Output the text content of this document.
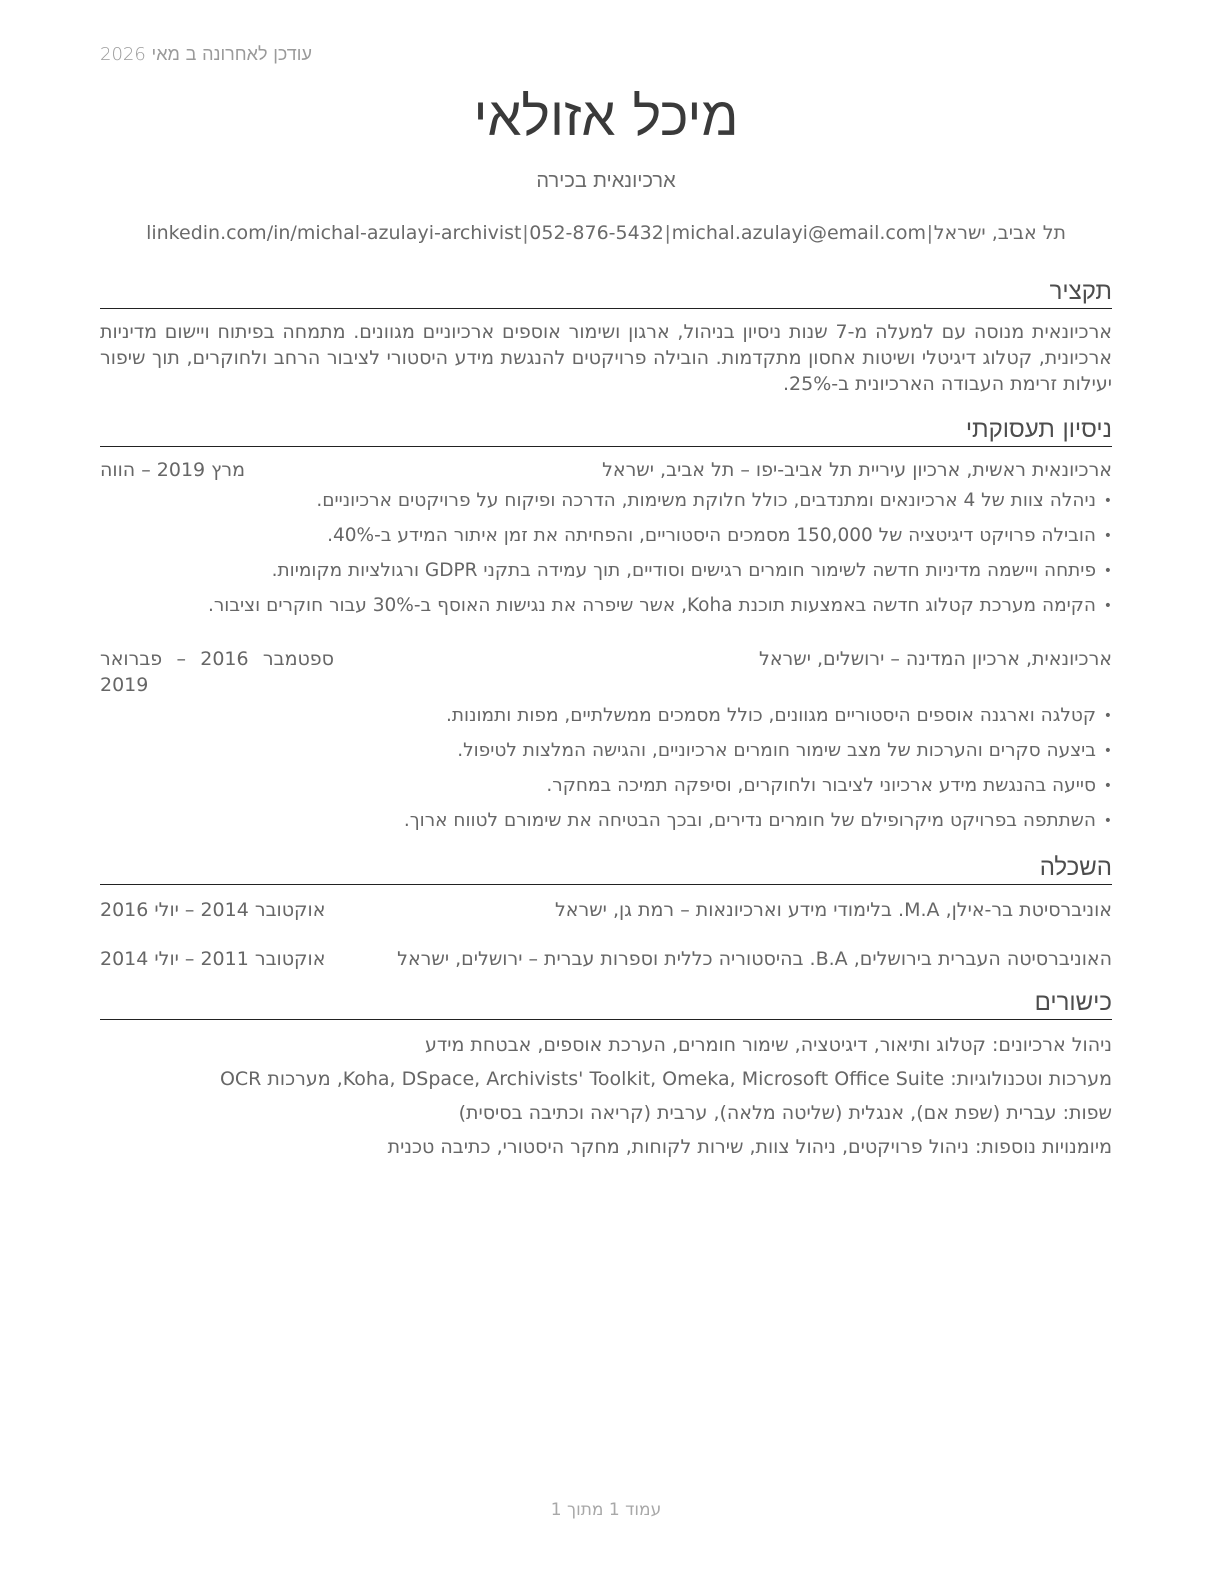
עודכן לאחרונה ב מאי 2026
מיכל אזולאי
ארכיונאית בכירה
תל אביב, ישראל
|
michal.azulayi@email.com
|
052-876-5432
|
linkedin.com/in/michal-azulayi-archivist
תקציר
ארכיונאית מנוסה עם למעלה מ-7 שנות ניסיון בניהול, ארגון ושימור אוספים ארכיוניים מגוונים. מתמחה בפיתוח ויישום מדיניות ארכיונית, קטלוג דיגיטלי ושיטות אחסון מתקדמות. הובילה פרויקטים להנגשת מידע היסטורי לציבור הרחב ולחוקרים, תוך שיפור יעילות זרימת העבודה הארכיונית ב-25%.
ניסיון תעסוקתי
ארכיונאית ראשית, ארכיון עיריית תל אביב-יפו – תל אביב, ישראל
מרץ 2019 – הווה
• ניהלה צוות של 4 ארכיונאים ומתנדבים, כולל חלוקת משימות, הדרכה ופיקוח על פרויקטים ארכיוניים.
• הובילה פרויקט דיגיטציה של 150,000 מסמכים היסטוריים, והפחיתה את זמן איתור המידע ב-40%.
• פיתחה ויישמה מדיניות חדשה לשימור חומרים רגישים וסודיים, תוך עמידה בתקני GDPR ורגולציות מקומיות.
• הקימה מערכת קטלוג חדשה באמצעות תוכנת Koha, אשר שיפרה את נגישות האוסף ב-30% עבור חוקרים וציבור.
ארכיונאית, ארכיון המדינה – ירושלים, ישראל
ספטמבר 2016 – פברואר 2019
• קטלגה וארגנה אוספים היסטוריים מגוונים, כולל מסמכים ממשלתיים, מפות ותמונות.
• ביצעה סקרים והערכות של מצב שימור חומרים ארכיוניים, והגישה המלצות לטיפול.
• סייעה בהנגשת מידע ארכיוני לציבור ולחוקרים, וסיפקה תמיכה במחקר.
• השתתפה בפרויקט מיקרופילם של חומרים נדירים, ובכך הבטיחה את שימורם לטווח ארוך.
השכלה
אוניברסיטת בר-אילן, M.A. בלימודי מידע וארכיונאות – רמת גן, ישראל
אוקטובר 2014 – יולי 2016
האוניברסיטה העברית בירושלים, B.A. בהיסטוריה כללית וספרות עברית – ירושלים, ישראל
אוקטובר 2011 – יולי 2014
כישורים
ניהול ארכיונים: קטלוג ותיאור, דיגיטציה, שימור חומרים, הערכת אוספים, אבטחת מידע
מערכות וטכנולוגיות: Koha, DSpace, Archivists' Toolkit, Omeka, Microsoft Office Suite, מערכות OCR
שפות: עברית (שפת אם), אנגלית (שליטה מלאה), ערבית (קריאה וכתיבה בסיסית)
מיומנויות נוספות: ניהול פרויקטים, ניהול צוות, שירות לקוחות, מחקר היסטורי, כתיבה טכנית
עמוד 1 מתוך 1
